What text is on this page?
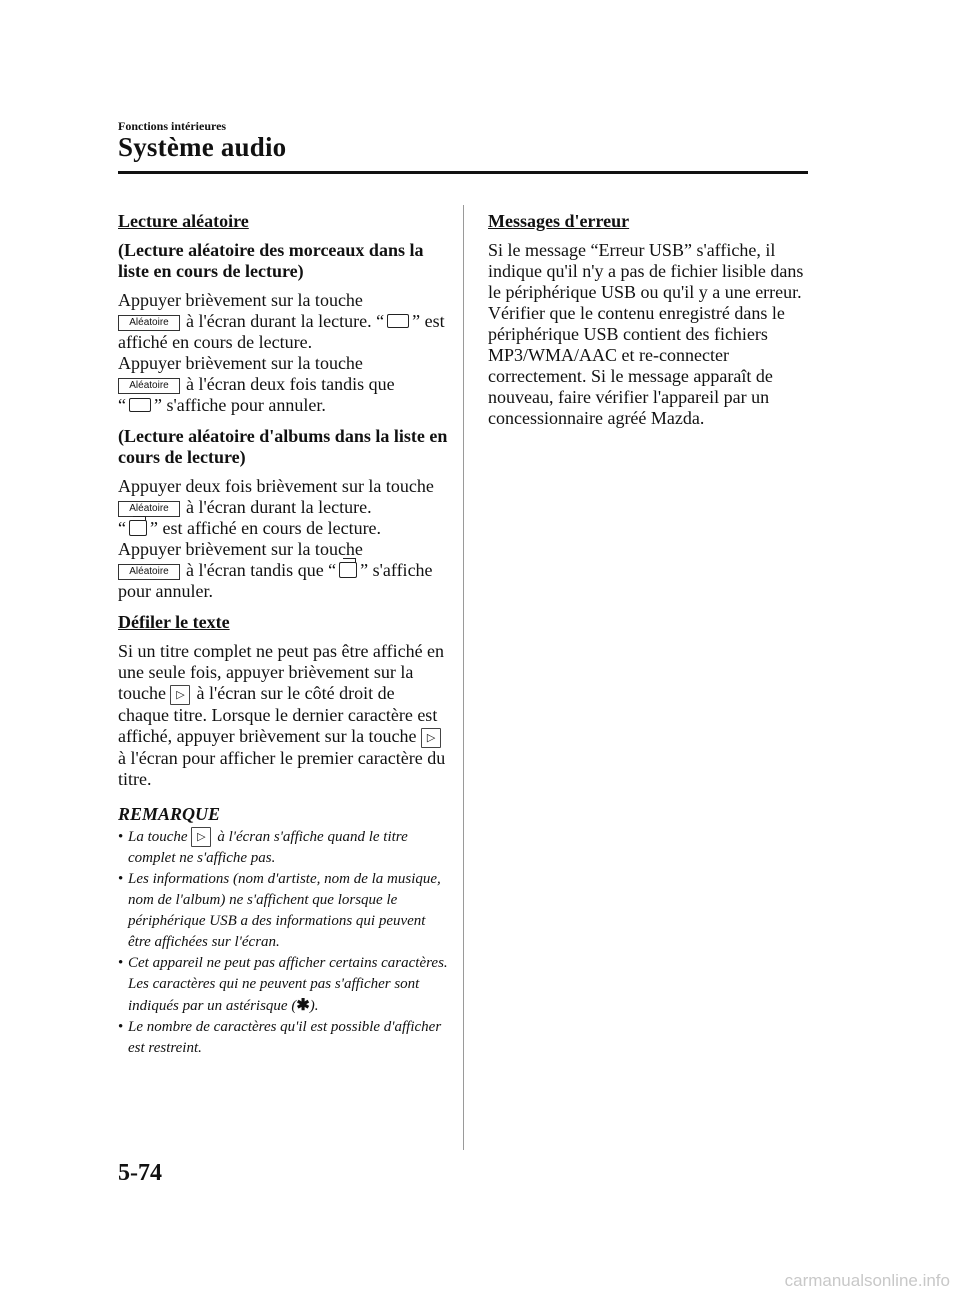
Fonctions intérieures
Système audio
Lecture aléatoire
(Lecture aléatoire des morceaux dans la liste en cours de lecture)

Appuyer brièvement sur la touche
Aléatoire à l'écran durant la lecture. “ ” est affiché en cours de lecture.
Appuyer brièvement sur la touche
Aléatoire à l'écran deux fois tandis que
“ ” s'affiche pour annuler.

(Lecture aléatoire d'albums dans la liste en cours de lecture)

Appuyer deux fois brièvement sur la touche Aléatoire à l'écran durant la lecture.
“ ” est affiché en cours de lecture.
Appuyer brièvement sur la touche
Aléatoire à l'écran tandis que “ ” s'affiche pour annuler.

Défiler le texte

Si un titre complet ne peut pas être affiché en une seule fois, appuyer brièvement sur la touche ▷ à l'écran sur le côté droit de chaque titre. Lorsque le dernier caractère est affiché, appuyer brièvement sur la touche ▷à l'écran pour afficher le premier caractère du titre.

REMARQUE
• La touche ▷ à l'écran s'affiche quand le titre complet ne s'affiche pas.
• Les informations (nom d'artiste, nom de la musique, nom de l'album) ne s'affichent que lorsque le périphérique USB a des informations qui peuvent être affichées sur l'écran.
• Cet appareil ne peut pas afficher certains caractères. Les caractères qui ne peuvent pas s'afficher sont indiqués par un astérisque (✱).
• Le nombre de caractères qu'il est possible d'afficher est restreint.
Messages d'erreur

Si le message “Erreur USB” s'affiche, il indique qu'il n'y a pas de fichier lisible dans le périphérique USB ou qu'il y a une erreur. Vérifier que le contenu enregistré dans le périphérique USB contient des fichiers MP3/WMA/AAC et re-connecter correctement. Si le message apparaît de nouveau, faire vérifier l'appareil par un concessionnaire agréé Mazda.

5-74
carmanualsonline.info
